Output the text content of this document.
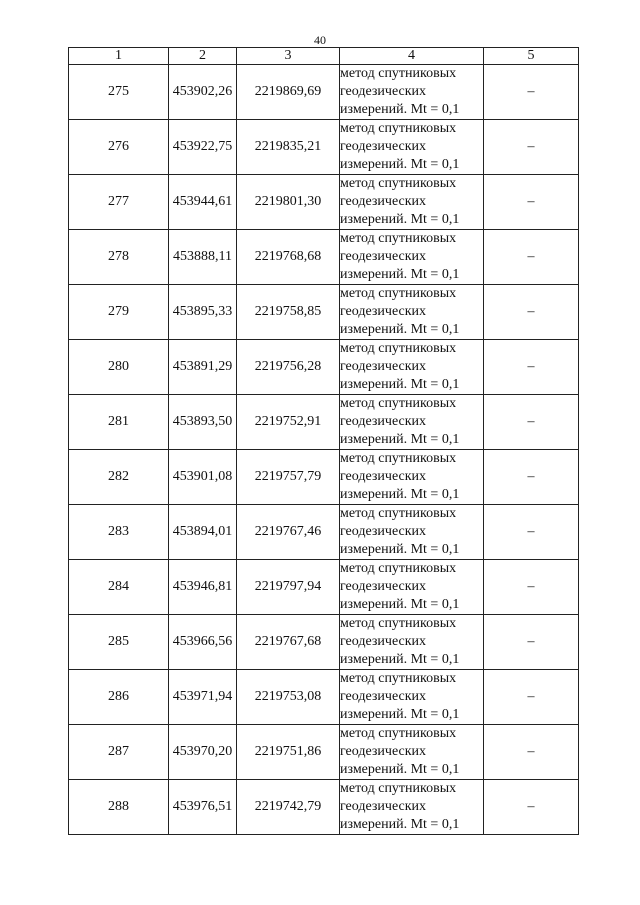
40
1	2	3	4	5
275	453902,26	2219869,69	метод спутниковых
геодезических
измерений. Mt = 0,1	–
276	453922,75	2219835,21	метод спутниковых
геодезических
измерений. Mt = 0,1	–
277	453944,61	2219801,30	метод спутниковых
геодезических
измерений. Mt = 0,1	–
278	453888,11	2219768,68	метод спутниковых
геодезических
измерений. Mt = 0,1	–
279	453895,33	2219758,85	метод спутниковых
геодезических
измерений. Mt = 0,1	–
280	453891,29	2219756,28	метод спутниковых
геодезических
измерений. Mt = 0,1	–
281	453893,50	2219752,91	метод спутниковых
геодезических
измерений. Mt = 0,1	–
282	453901,08	2219757,79	метод спутниковых
геодезических
измерений. Mt = 0,1	–
283	453894,01	2219767,46	метод спутниковых
геодезических
измерений. Mt = 0,1	–
284	453946,81	2219797,94	метод спутниковых
геодезических
измерений. Mt = 0,1	–
285	453966,56	2219767,68	метод спутниковых
геодезических
измерений. Mt = 0,1	–
286	453971,94	2219753,08	метод спутниковых
геодезических
измерений. Mt = 0,1	–
287	453970,20	2219751,86	метод спутниковых
геодезических
измерений. Mt = 0,1	–
288	453976,51	2219742,79	метод спутниковых
геодезических
измерений. Mt = 0,1	–
